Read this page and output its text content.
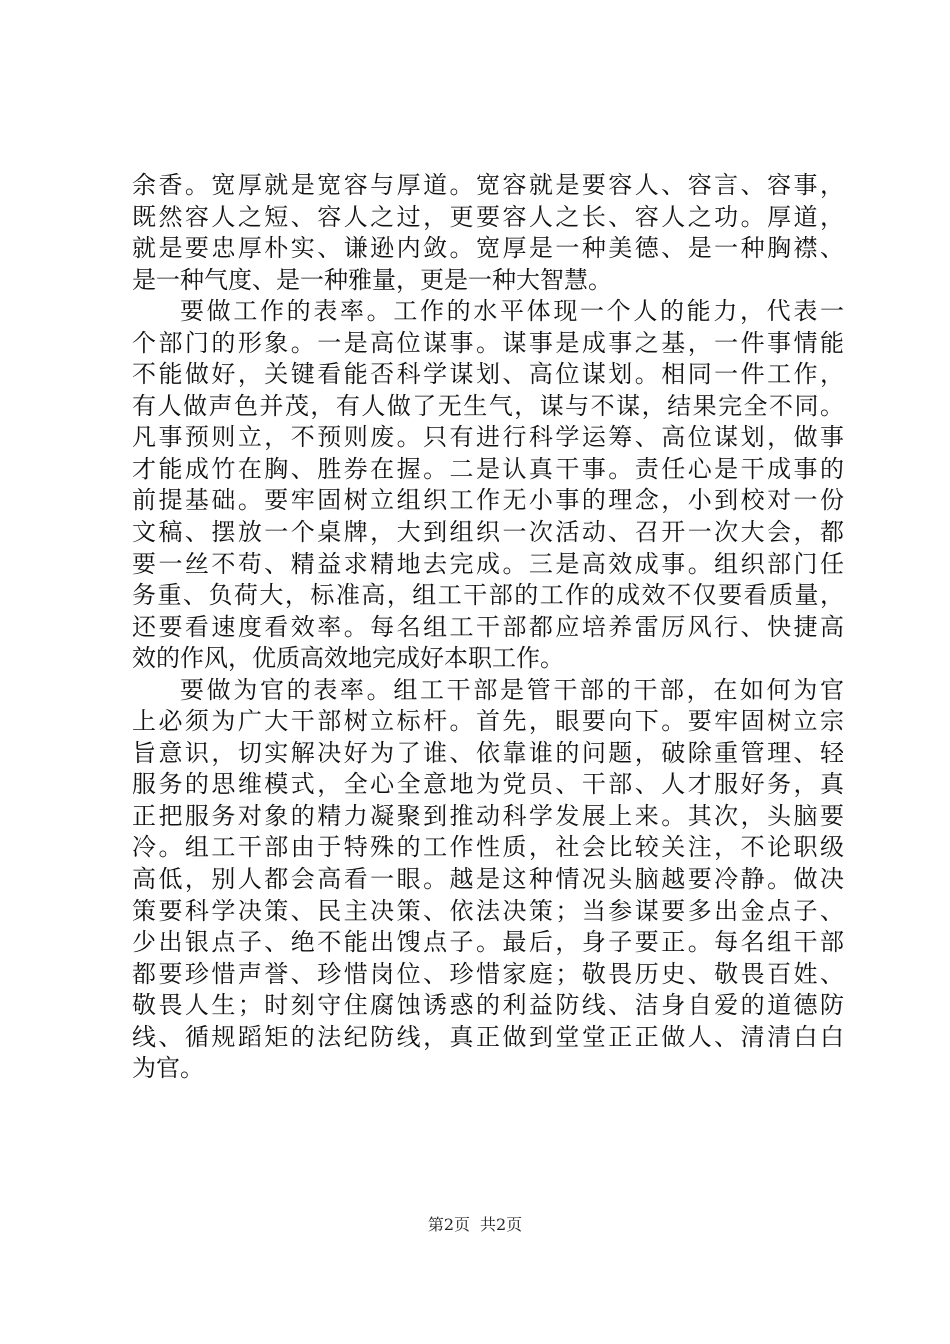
余香。宽厚就是宽容与厚道。宽容就是要容人、容言、容事，
既然容人之短、容人之过，更要容人之长、容人之功。厚道，
就是要忠厚朴实、谦逊内敛。宽厚是一种美德、是一种胸襟、
是一种气度、是一种雅量，更是一种大智慧。
要做工作的表率。工作的水平体现一个人的能力，代表一
个部门的形象。一是高位谋事。谋事是成事之基，一件事情能
不能做好，关键看能否科学谋划、高位谋划。相同一件工作，
有人做声色并茂，有人做了无生气，谋与不谋，结果完全不同。
凡事预则立，不预则废。只有进行科学运筹、高位谋划，做事
才能成竹在胸、胜券在握。二是认真干事。责任心是干成事的
前提基础。要牢固树立组织工作无小事的理念，小到校对一份
文稿、摆放一个桌牌，大到组织一次活动、召开一次大会，都
要一丝不苟、精益求精地去完成。三是高效成事。组织部门任
务重、负荷大，标准高，组工干部的工作的成效不仅要看质量，
还要看速度看效率。每名组工干部都应培养雷厉风行、快捷高
效的作风，优质高效地完成好本职工作。
要做为官的表率。组工干部是管干部的干部，在如何为官
上必须为广大干部树立标杆。首先，眼要向下。要牢固树立宗
旨意识，切实解决好为了谁、依靠谁的问题，破除重管理、轻
服务的思维模式，全心全意地为党员、干部、人才服好务，真
正把服务对象的精力凝聚到推动科学发展上来。其次，头脑要
冷。组工干部由于特殊的工作性质，社会比较关注，不论职级
高低，别人都会高看一眼。越是这种情况头脑越要冷静。做决
策要科学决策、民主决策、依法决策；当参谋要多出金点子、
少出银点子、绝不能出馊点子。最后，身子要正。每名组干部
都要珍惜声誉、珍惜岗位、珍惜家庭；敬畏历史、敬畏百姓、
敬畏人生；时刻守住腐蚀诱惑的利益防线、洁身自爱的道德防
线、循规蹈矩的法纪防线，真正做到堂堂正正做人、清清白白
为官。
第2页 共2页
